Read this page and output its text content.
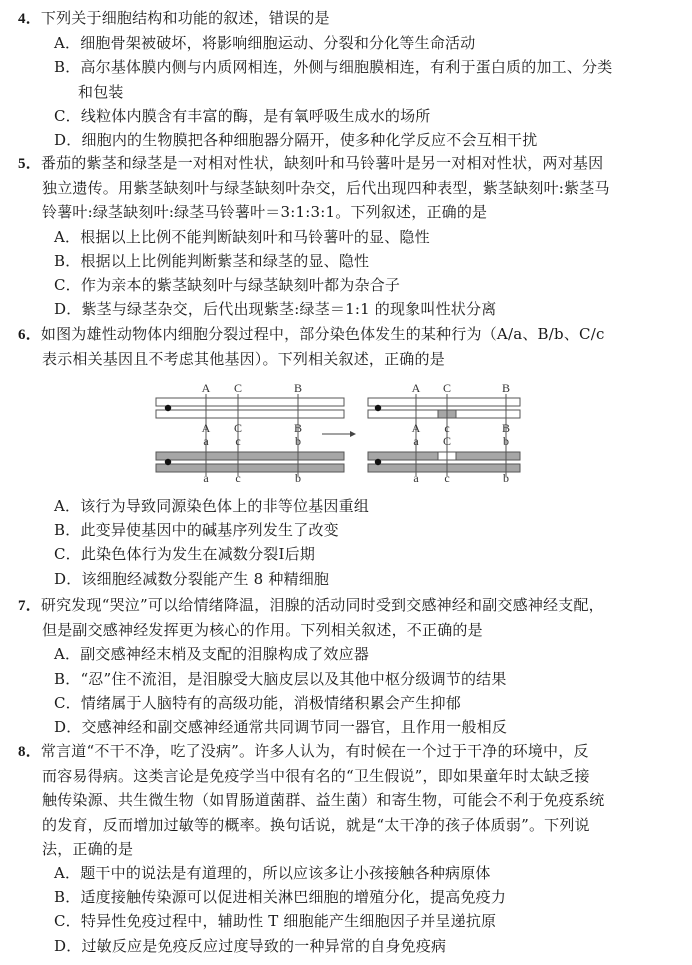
4．下列关于细胞结构和功能的叙述，错误的是
A．细胞骨架被破坏，将影响细胞运动、分裂和分化等生命活动
B．高尔基体膜内侧与内质网相连，外侧与细胞膜相连，有利于蛋白质的加工、分类
和包装
C．线粒体内膜含有丰富的酶，是有氧呼吸生成水的场所
D．细胞内的生物膜把各种细胞器分隔开，使多种化学反应不会互相干扰
5．番茄的紫茎和绿茎是一对相对性状，缺刻叶和马铃薯叶是另一对相对性状，两对基因
独立遗传。用紫茎缺刻叶与绿茎缺刻叶杂交，后代出现四种表型，紫茎缺刻叶:紫茎马
铃薯叶:绿茎缺刻叶:绿茎马铃薯叶＝3:1:3:1。下列叙述，正确的是
A．根据以上比例不能判断缺刻叶和马铃薯叶的显、隐性
B．根据以上比例能判断紫茎和绿茎的显、隐性
C．作为亲本的紫茎缺刻叶与绿茎缺刻叶都为杂合子
D．紫茎与绿茎杂交，后代出现紫茎:绿茎＝1:1 的现象叫性状分离
6．如图为雄性动物体内细胞分裂过程中，部分染色体发生的某种行为（A/a、B/b、C/c
表示相关基因且不考虑其他基因）。下列相关叙述，正确的是
A C	B
A C	B
a c	b
a c	b
A C	B
A c	B
a C	b
a c	b
A．该行为导致同源染色体上的非等位基因重组
B．此变异使基因中的碱基序列发生了改变
C．此染色体行为发生在减数分裂Ⅰ后期
D．该细胞经减数分裂能产生 8 种精细胞
7．研究发现“哭泣”可以给情绪降温，泪腺的活动同时受到交感神经和副交感神经支配，
但是副交感神经发挥更为核心的作用。下列相关叙述，不正确的是
A．副交感神经末梢及支配的泪腺构成了效应器
B．“忍”住不流泪，是泪腺受大脑皮层以及其他中枢分级调节的结果
C．情绪属于人脑特有的高级功能，消极情绪积累会产生抑郁
D．交感神经和副交感神经通常共同调节同一器官，且作用一般相反
8．常言道“不干不净，吃了没病”。许多人认为，有时候在一个过于干净的环境中，反
而容易得病。这类言论是免疫学当中很有名的“卫生假说”，即如果童年时太缺乏接
触传染源、共生微生物（如胃肠道菌群、益生菌）和寄生物，可能会不利于免疫系统
的发育，反而增加过敏等的概率。换句话说，就是“太干净的孩子体质弱”。下列说
法，正确的是
A．题干中的说法是有道理的，所以应该多让小孩接触各种病原体
B．适度接触传染源可以促进相关淋巴细胞的增殖分化，提高免疫力
C．特异性免疫过程中，辅助性 T 细胞能产生细胞因子并呈递抗原
D．过敏反应是免疫反应过度导致的一种异常的自身免疫病
